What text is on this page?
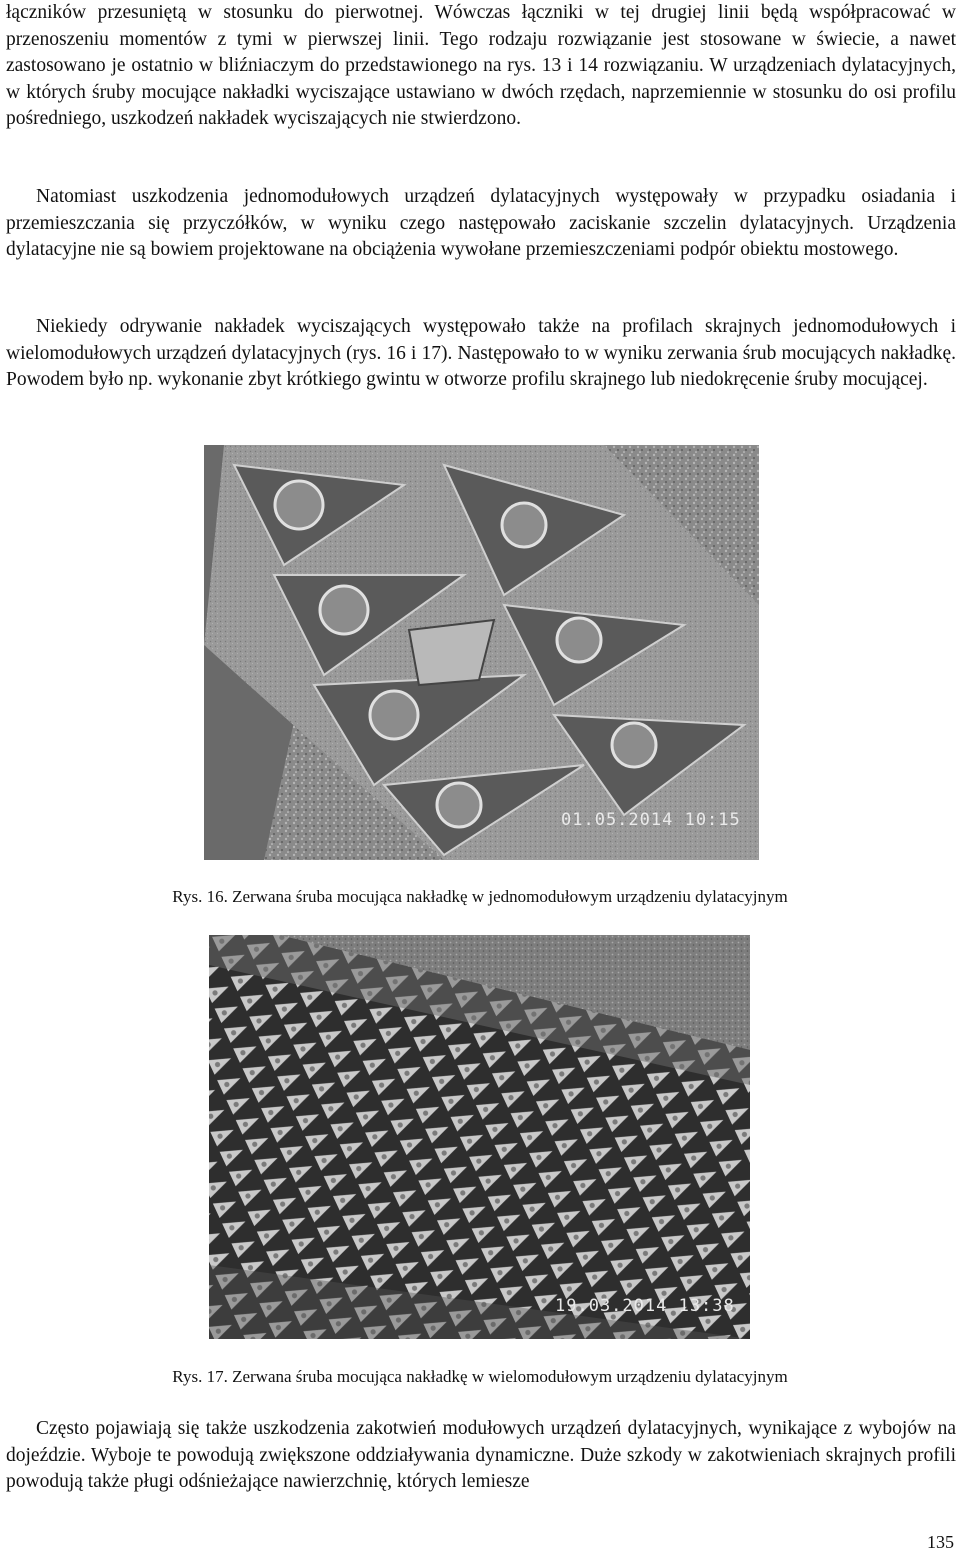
łączników przesuniętą w stosunku do pierwotnej. Wówczas łączniki w tej drugiej linii będą współpracować w przenoszeniu momentów z tymi w pierwszej linii. Tego rodzaju rozwiązanie jest stosowane w świecie, a nawet zastosowano je ostatnio w bliźniaczym do przedstawionego na rys. 13 i 14 rozwiązaniu. W urządzeniach dylatacyjnych, w których śruby mocujące nakładki wyciszające ustawiano w dwóch rzędach, naprzemiennie w stosunku do osi profilu pośredniego, uszkodzeń nakładek wyciszających nie stwierdzono.

Natomiast uszkodzenia jednomodułowych urządzeń dylatacyjnych występowały w przypadku osiadania i przemieszczania się przyczółków, w wyniku czego następowało zaciskanie szczelin dylatacyjnych. Urządzenia dylatacyjne nie są bowiem projektowane na obciążenia wywołane przemieszczeniami podpór obiektu mostowego.

Niekiedy odrywanie nakładek wyciszających występowało także na profilach skrajnych jednomodułowych i wielomodułowych urządzeń dylatacyjnych (rys. 16 i 17). Następowało to w wyniku zerwania śrub mocujących nakładkę. Powodem było np. wykonanie zbyt krótkiego gwintu w otworze profilu skrajnego lub niedokręcenie śruby mocującej.

01.05.2014 10:15

Rys. 16. Zerwana śruba mocująca nakładkę w jednomodułowym urządzeniu dylatacyjnym

19.03.2014 13:38

Rys. 17. Zerwana śruba mocująca nakładkę w wielomodułowym urządzeniu dylatacyjnym

Często pojawiają się także uszkodzenia zakotwień modułowych urządzeń dylatacyjnych, wynikające z wybojów na dojeździe. Wyboje te powodują zwiększone oddziaływania dynamiczne. Duże szkody w zakotwieniach skrajnych profili powodują także pługi odśnieżające nawierzchnię, których lemiesze

135
